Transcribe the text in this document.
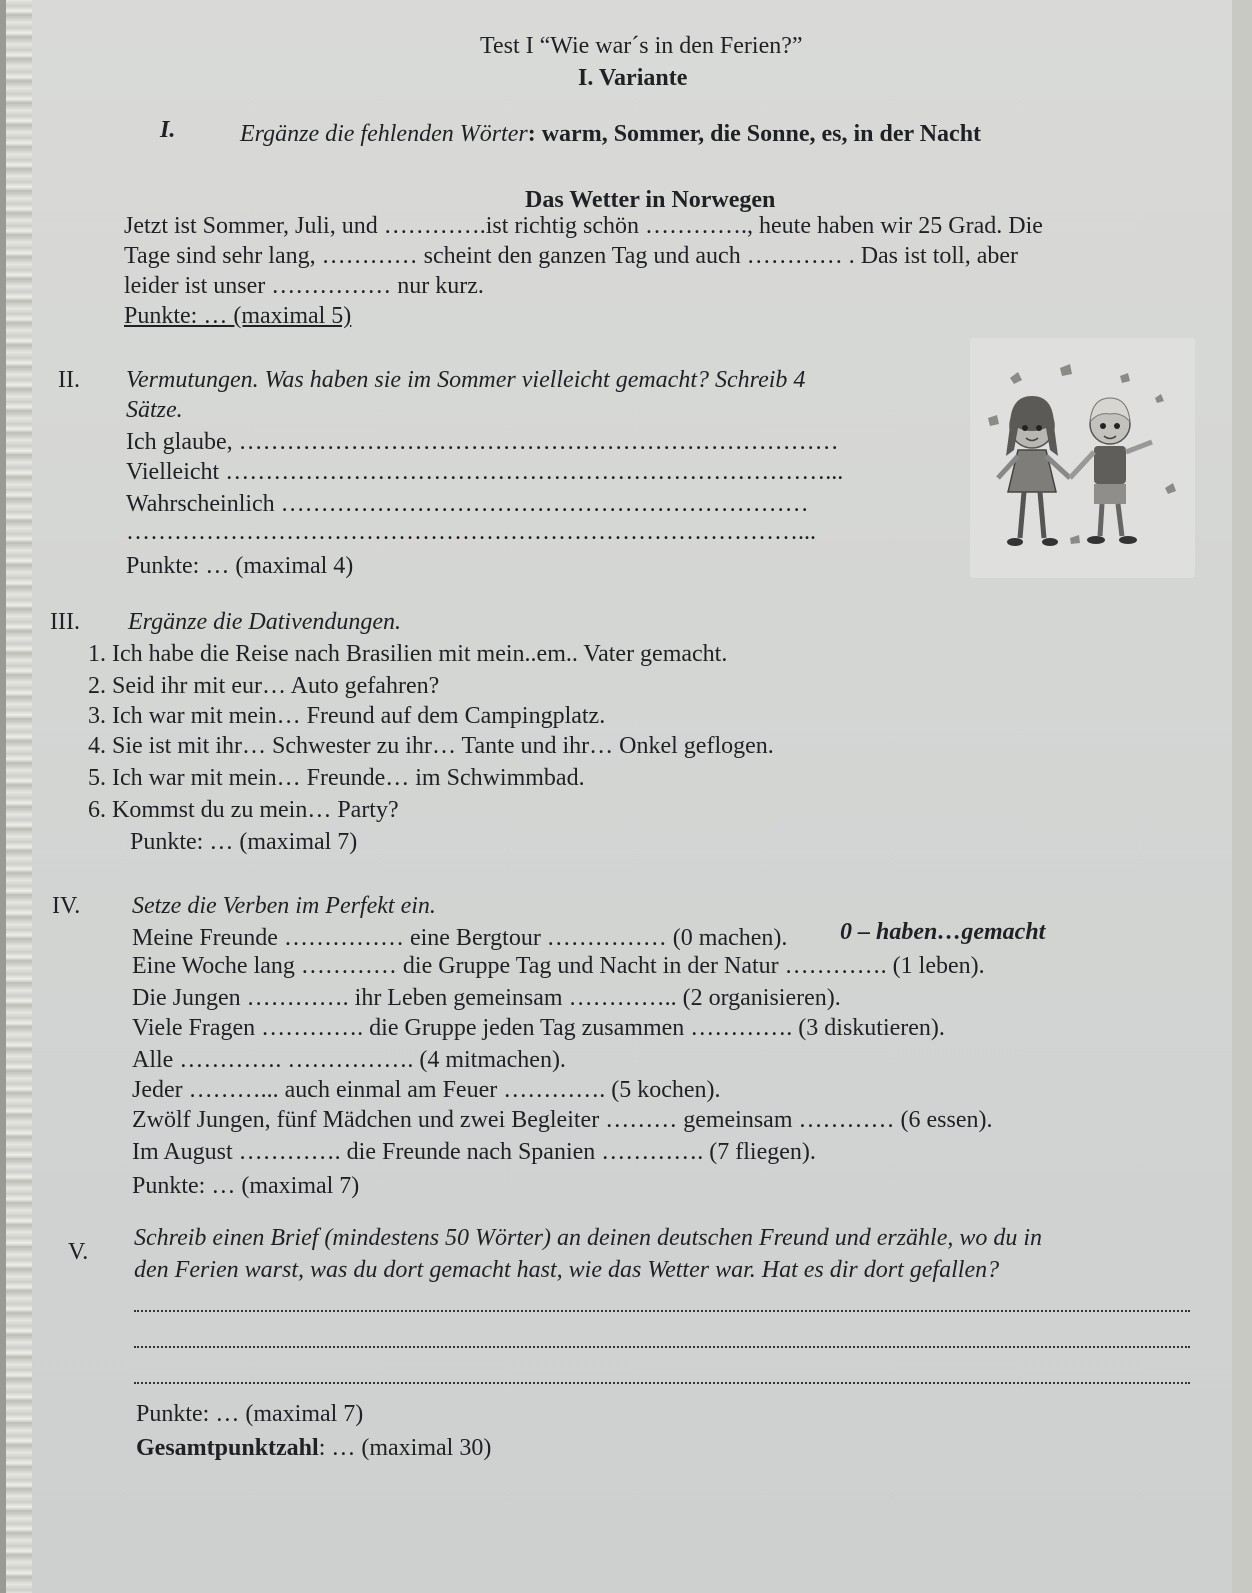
Test I “Wie war´s in den Ferien?”
I. Variante
I.	Ergänze die fehlenden Wörter: warm, Sommer, die Sonne, es, in der Nacht
Das Wetter in Norwegen
Jetzt ist Sommer, Juli, und ………….ist richtig schön …………., heute haben wir 25 Grad. Die
Tage sind sehr lang, ………… scheint den ganzen Tag und auch ………… . Das ist toll, aber
leider ist unser …………… nur kurz.
Punkte: … (maximal 5)
II. Vermutungen. Was haben sie im Sommer vielleicht gemacht? Schreib 4
Sätze.
Ich glaube, …………………………………………………………………
Vielleicht …………………………………………………………………...
Wahrscheinlich …………………………………………………………
…………………………………………………………………………...
Punkte: … (maximal 4)
III. Ergänze die Dativendungen.
1. Ich habe die Reise nach Brasilien mit mein..em.. Vater gemacht.
2. Seid ihr mit eur… Auto gefahren?
3. Ich war mit mein… Freund auf dem Campingplatz.
4. Sie ist mit ihr… Schwester zu ihr… Tante und ihr… Onkel geflogen.
5. Ich war mit mein… Freunde… im Schwimmbad.
6. Kommst du zu mein… Party?
Punkte: … (maximal 7)
IV. Setze die Verben im Perfekt ein.
Meine Freunde …………… eine Bergtour …………… (0 machen). 0 – haben…gemacht
Eine Woche lang ………… die Gruppe Tag und Nacht in der Natur …………. (1 leben).
Die Jungen …………. ihr Leben gemeinsam ………….. (2 organisieren).
Viele Fragen …………. die Gruppe jeden Tag zusammen …………. (3 diskutieren).
Alle …………. ……………. (4 mitmachen).
Jeder ………... auch einmal am Feuer …………. (5 kochen).
Zwölf Jungen, fünf Mädchen und zwei Begleiter ……… gemeinsam ………… (6 essen).
Im August …………. die Freunde nach Spanien …………. (7 fliegen).
Punkte: … (maximal 7)
V.
Schreib einen Brief (mindestens 50 Wörter) an deinen deutschen Freund und erzähle, wo du in
den Ferien warst, was du dort gemacht hast, wie das Wetter war. Hat es dir dort gefallen?
Punkte: … (maximal 7)
Gesamtpunktzahl: … (maximal 30)
